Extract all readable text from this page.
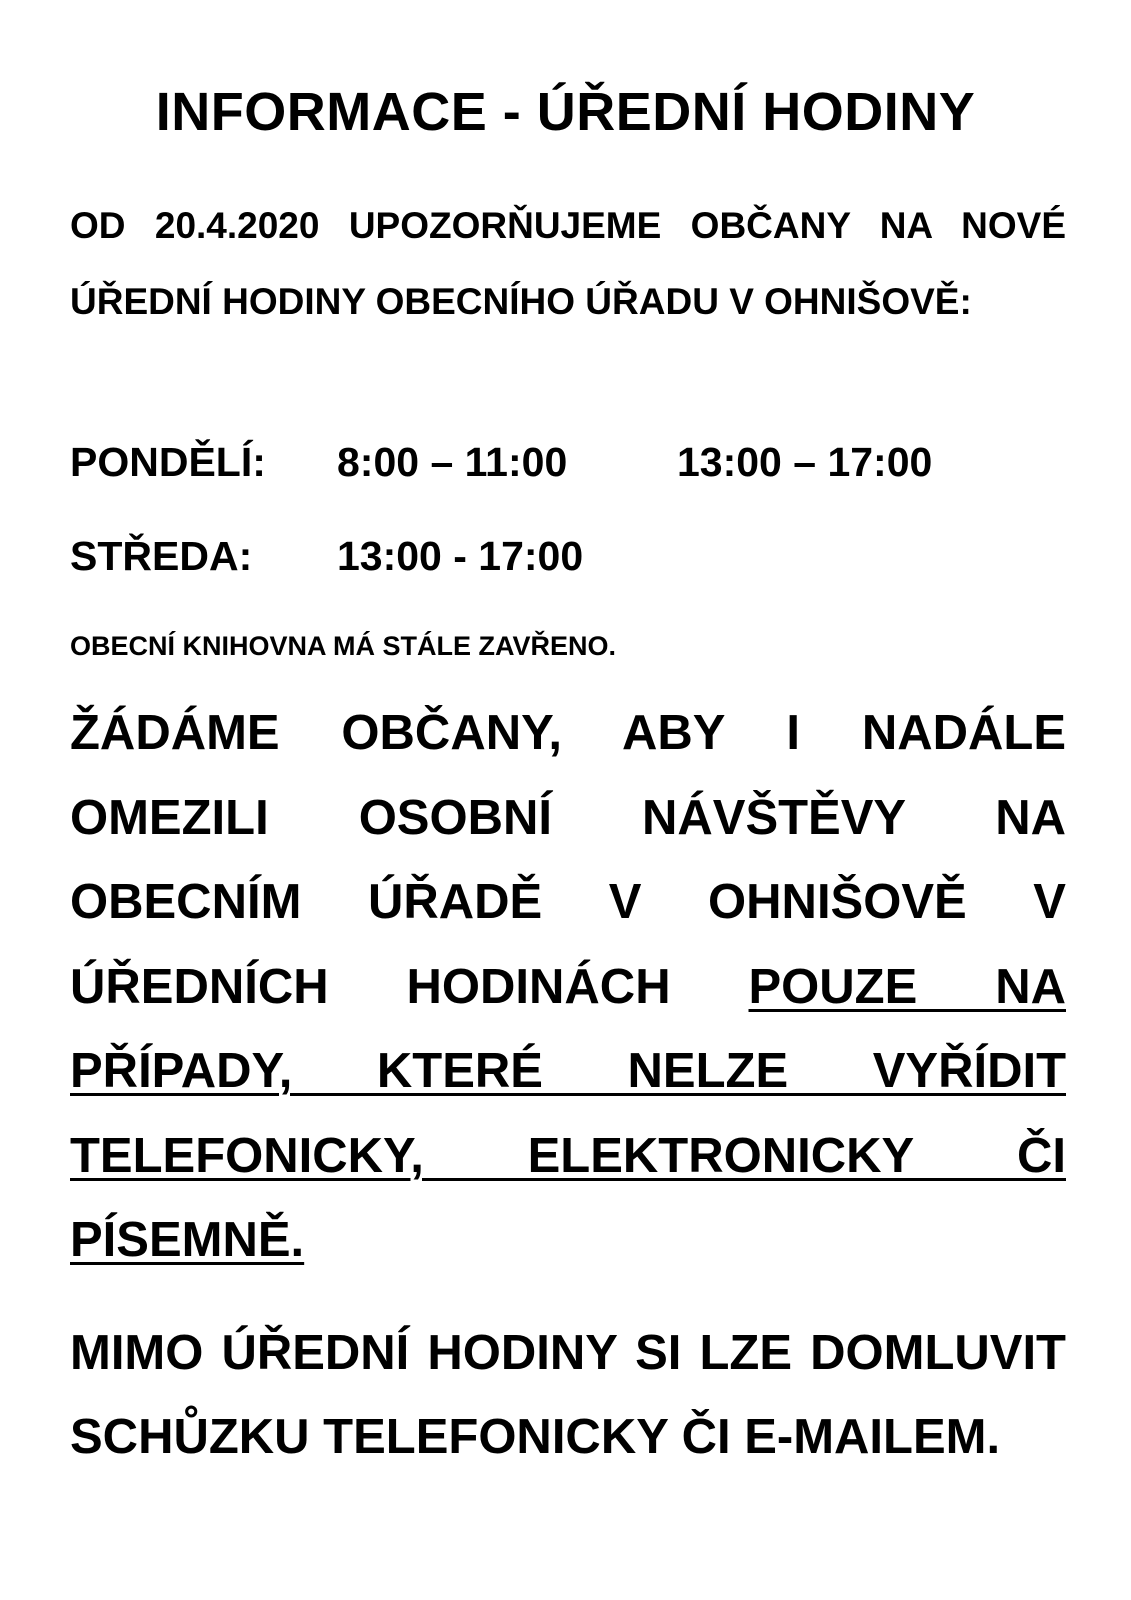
INFORMACE - ÚŘEDNÍ HODINY
OD 20.4.2020 UPOZORŇUJEME OBČANY NA NOVÉ ÚŘEDNÍ HODINY OBECNÍHO ÚŘADU V OHNIŠOVĚ:
PONDĚLÍ: 8:00 – 11:00	13:00 – 17:00
STŘEDA: 13:00 - 17:00
OBECNÍ KNIHOVNA MÁ STÁLE ZAVŘENO.
ŽÁDÁME OBČANY, ABY I NADÁLE OMEZILI OSOBNÍ NÁVŠTĚVY NA OBECNÍM ÚŘADĚ V OHNIŠOVĚ V ÚŘEDNÍCH HODINÁCH POUZE NA PŘÍPADY, KTERÉ NELZE VYŘÍDIT TELEFONICKY, ELEKTRONICKY ČI PÍSEMNĚ.
MIMO ÚŘEDNÍ HODINY SI LZE DOMLUVIT SCHŮZKU TELEFONICKY ČI E-MAILEM.
